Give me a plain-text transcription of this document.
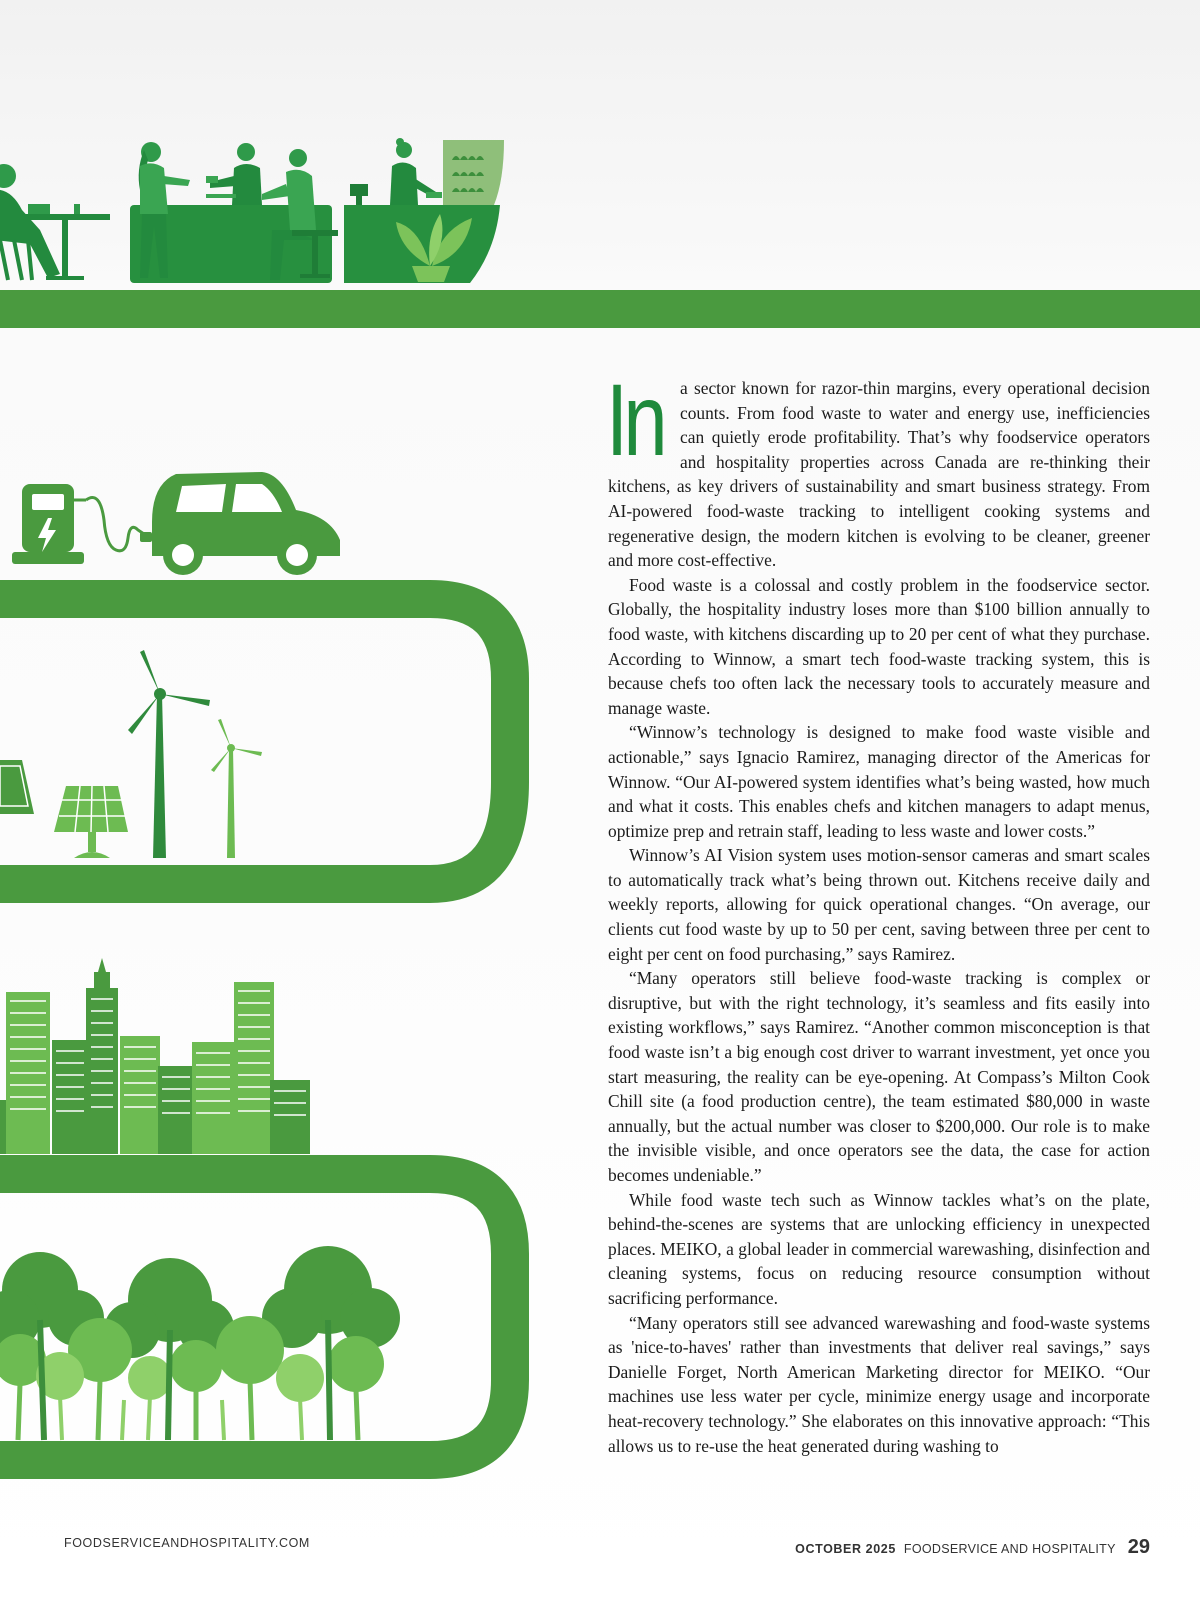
In a sector known for razor-thin margins, every operational decision counts. From food waste to water and energy use, inefficiencies can quietly erode profitability. That’s why foodservice operators and hospitality properties across Canada are re-thinking their kitchens, as key drivers of sustainability and smart business strategy. From AI-powered food-waste tracking to intelligent cooking systems and regenerative design, the modern kitchen is evolving to be cleaner, greener and more cost-effective.

Food waste is a colossal and costly problem in the foodservice sector. Globally, the hospitality industry loses more than $100 billion annually to food waste, with kitchens discarding up to 20 per cent of what they purchase. According to Winnow, a smart tech food-waste tracking system, this is because chefs too often lack the necessary tools to accurately measure and manage waste.

“Winnow’s technology is designed to make food waste visible and actionable,” says Ignacio Ramirez, managing director of the Americas for Winnow. “Our AI-powered system identifies what’s being wasted, how much and what it costs. This enables chefs and kitchen managers to adapt menus, optimize prep and retrain staff, leading to less waste and lower costs.”

Winnow’s AI Vision system uses motion-sensor cameras and smart scales to automatically track what’s being thrown out. Kitchens receive daily and weekly reports, allowing for quick operational changes. “On average, our clients cut food waste by up to 50 per cent, saving between three per cent to eight per cent on food purchasing,” says Ramirez.

“Many operators still believe food-waste tracking is complex or disruptive, but with the right technology, it’s seamless and fits easily into existing workflows,” says Ramirez. “Another common misconception is that food waste isn’t a big enough cost driver to warrant investment, yet once you start measuring, the reality can be eye-opening. At Compass’s Milton Cook Chill site (a food production centre), the team estimated $80,000 in waste annually, but the actual number was closer to $200,000. Our role is to make the invisible visible, and once operators see the data, the case for action becomes undeniable.”

While food waste tech such as Winnow tackles what’s on the plate, behind-the-scenes are systems that are unlocking efficiency in unexpected places. MEIKO, a global leader in commercial warewashing, disinfection and cleaning systems, focus on reducing resource consumption without sacrificing performance.

“Many operators still see advanced warewashing and food-waste systems as 'nice-to-haves' rather than investments that deliver real savings,” says Danielle Forget, North American Marketing director for MEIKO. “Our machines use less water per cycle, minimize energy usage and incorporate heat-recovery technology.” She elaborates on this innovative approach: “This allows us to re-use the heat generated during washing to

FOODSERVICEANDHOSPITALITY.COM	OCTOBER 2025 FOODSERVICE AND HOSPITALITY 29
